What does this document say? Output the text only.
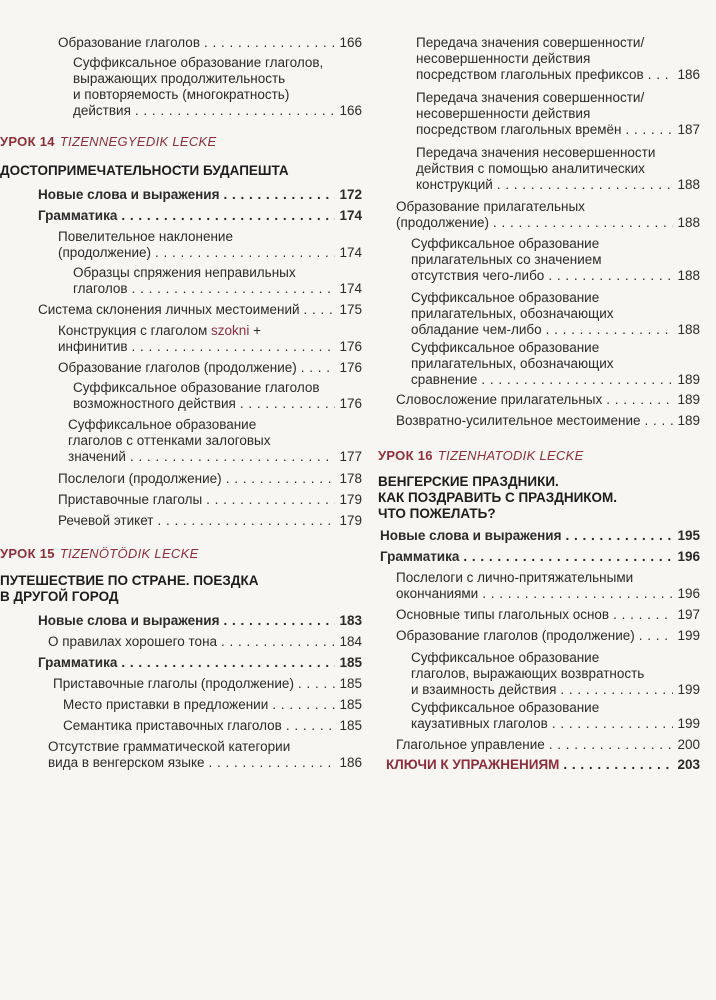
Образование глаголов . . .	166
Суффиксальное образование глаголов,
выражающих продолжительность
и повторяемость (многократность)
действия . . .	166
УРОК 14 TIZENNEGYEDIK LECKE
ДОСТОПРИМЕЧАТЕЛЬНОСТИ БУДАПЕШТА
Новые слова и выражения . . .	172
Грамматика . . .	174
Повелительное наклонение
(продолжение) . . .	174
Образцы спряжения неправильных
глаголов . . .	174
Система склонения личных местоимений . . .	175
Конструкция с глаголом szokni +
инфинитив . . .	176
Образование глаголов (продолжение) . . .	176
Суффиксальное образование глаголов
возможностного действия . . .	176
Суффиксальное образование
глаголов с оттенками залоговых
значений . . .	177
Послелоги (продолжение) . . .	178
Приставочные глаголы . . .	179
Речевой этикет . . .	179
УРОК 15 TIZENÖTÖDIK LECKE
ПУТЕШЕСТВИЕ ПО СТРАНЕ. ПОЕЗДКА
В ДРУГОЙ ГОРОД
Новые слова и выражения . . .	183
О правилах хорошего тона . . .	184
Грамматика . . .	185
Приставочные глаголы (продолжение) . . .	185
Место приставки в предложении . . .	185
Семантика приставочных глаголов . . .	185
Отсутствие грамматической категории
вида в венгерском языке . . .	186
Передача значения совершенности/
несовершенности действия
посредством глагольных префиксов . . .	186
Передача значения совершенности/
несовершенности действия
посредством глагольных времён . . .	187
Передача значения несовершенности
действия с помощью аналитических
конструкций . . .	188
Образование прилагательных
(продолжение) . . .	188
Суффиксальное образование
прилагательных со значением
отсутствия чего-либо . . .	188
Суффиксальное образование
прилагательных, обозначающих
обладание чем-либо . . .	188
Суффиксальное образование
прилагательных, обозначающих
сравнение . . .	189
Словосложение прилагательных . . .	189
Возвратно-усилительное местоимение . . .	189
УРОК 16 TIZENHATODIK LECKE
ВЕНГЕРСКИЕ ПРАЗДНИКИ.
КАК ПОЗДРАВИТЬ С ПРАЗДНИКОМ.
ЧТО ПОЖЕЛАТЬ?
Новые слова и выражения . . .	195
Грамматика . . .	196
Послелоги с лично-притяжательными
окончаниями . . .	196
Основные типы глагольных основ . . .	197
Образование глаголов (продолжение) . . .	199
Суффиксальное образование
глаголов, выражающих возвратность
и взаимность действия . . .	199
Суффиксальное образование
каузативных глаголов . . .	199
Глагольное управление . . .	200
КЛЮЧИ К УПРАЖНЕНИЯМ . . .	203
